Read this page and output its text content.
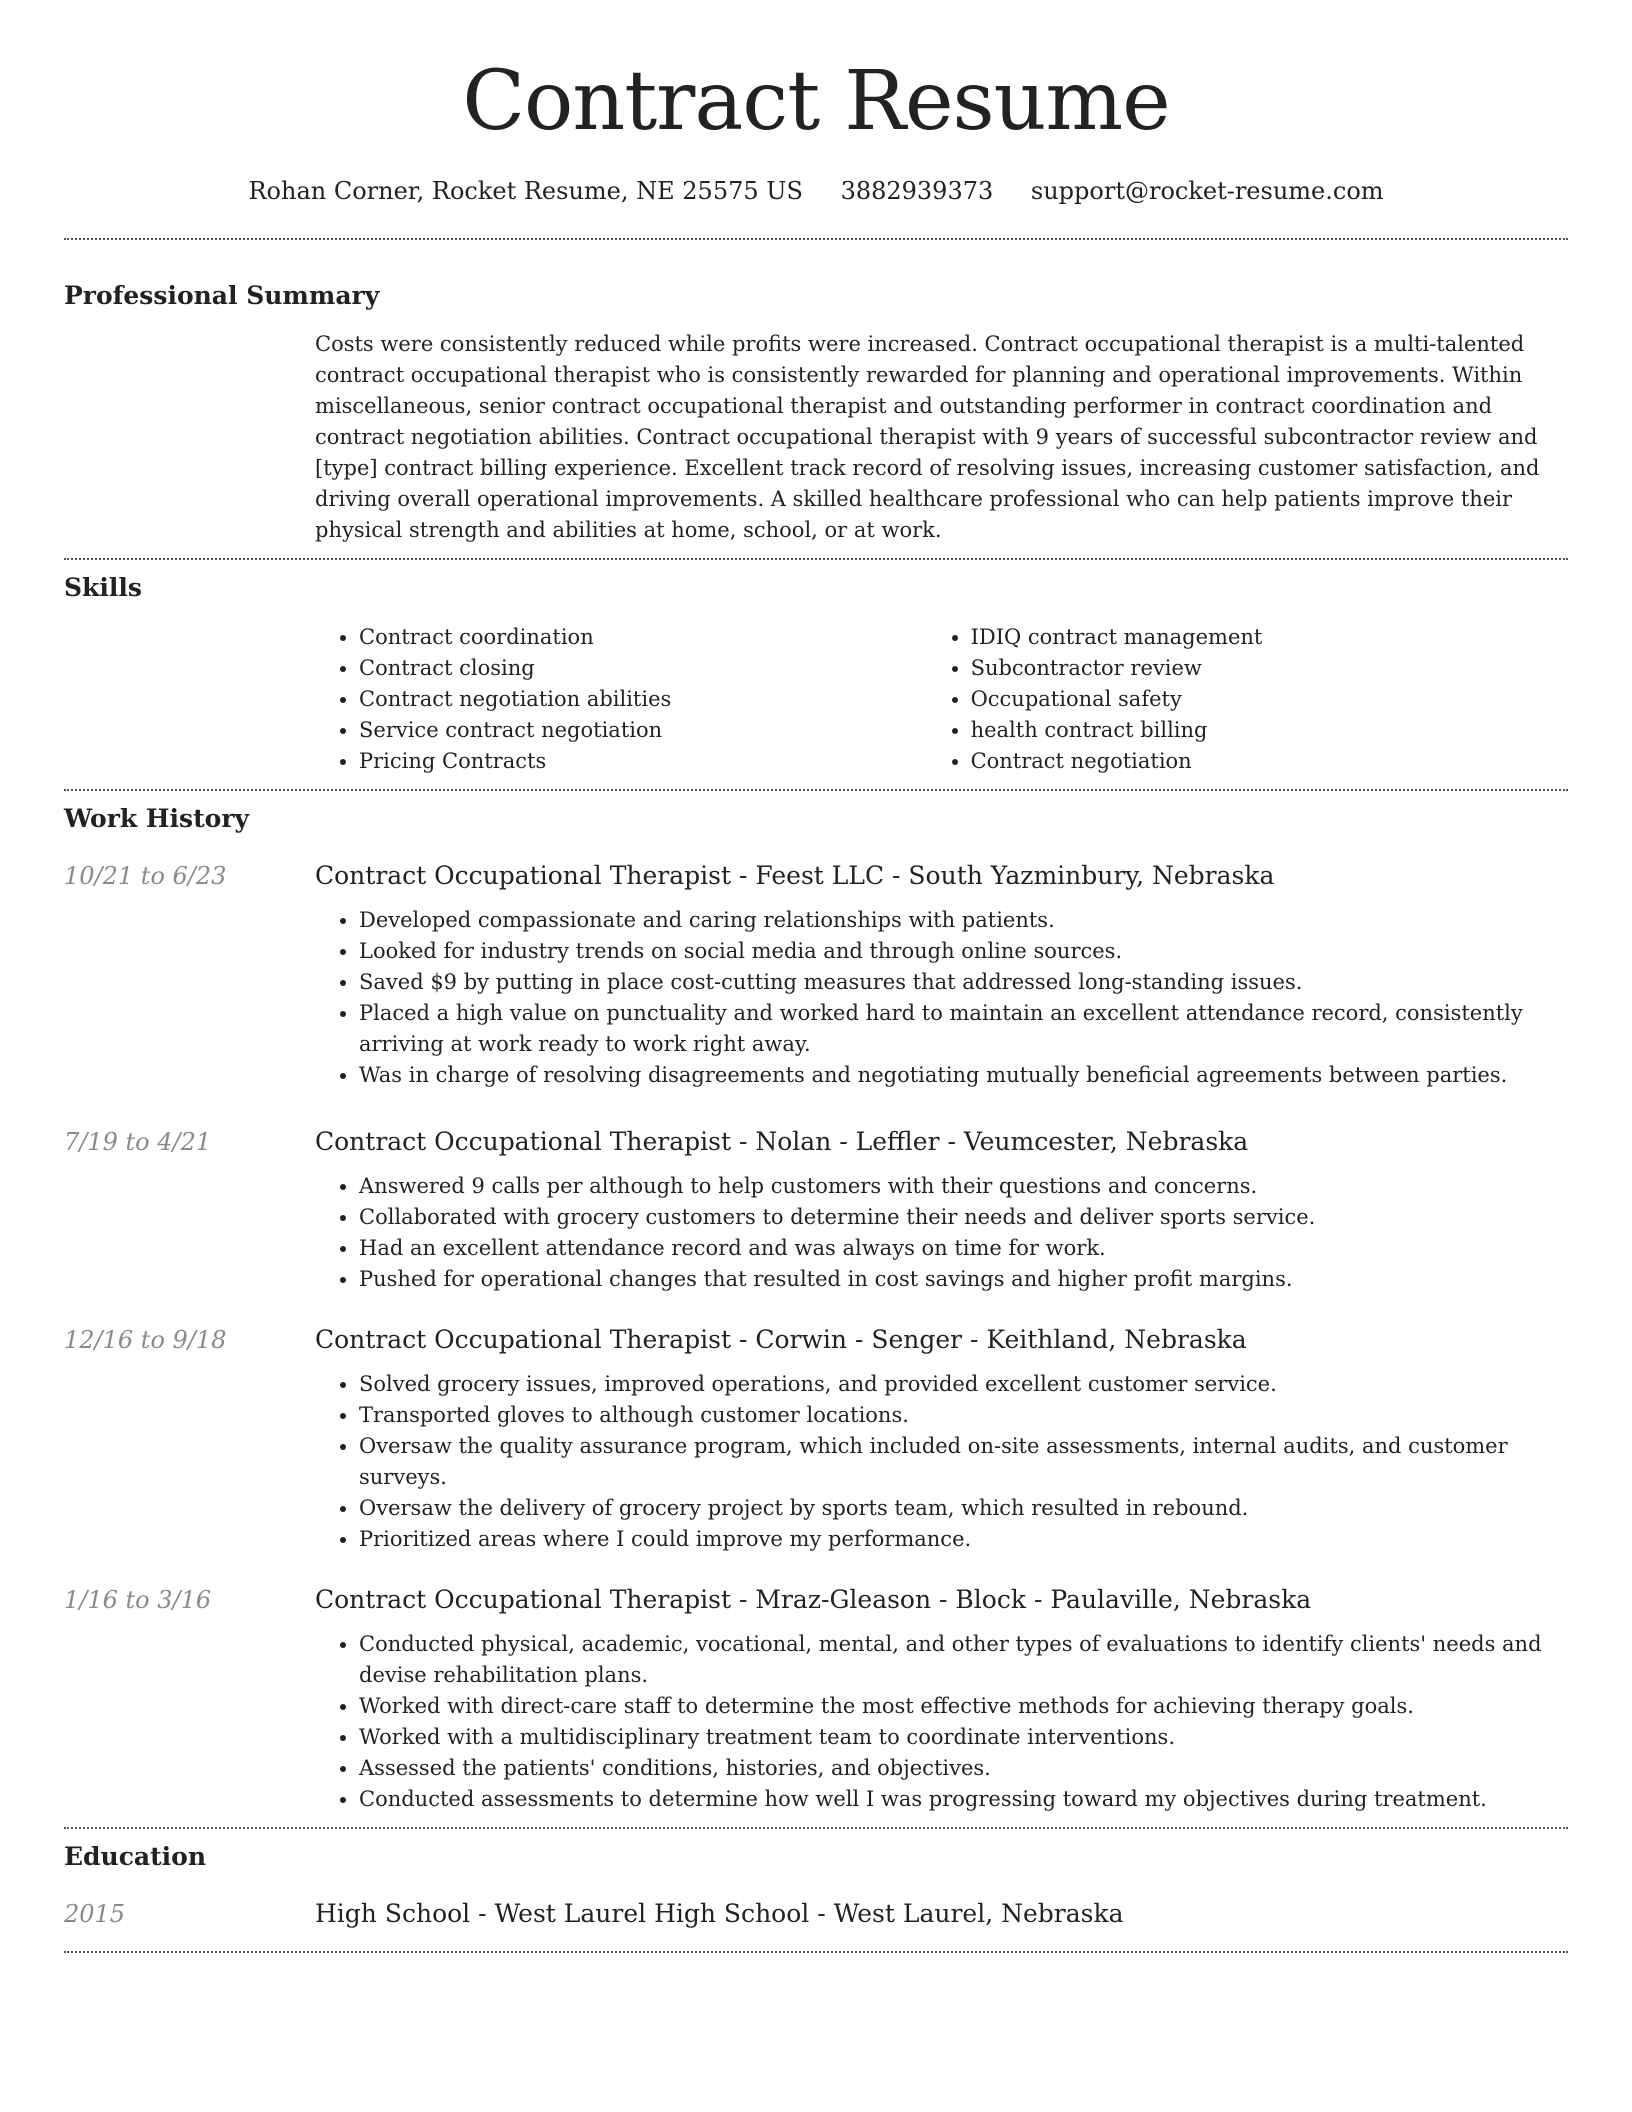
Contract Resume
Rohan Corner, Rocket Resume, NE 25575 US 3882939373 support@rocket-resume.com
Professional Summary
Costs were consistently reduced while profits were increased. Contract occupational therapist is a multi-talented contract occupational therapist who is consistently rewarded for planning and operational improvements. Within miscellaneous, senior contract occupational therapist and outstanding performer in contract coordination and contract negotiation abilities. Contract occupational therapist with 9 years of successful subcontractor review and [type] contract billing experience. Excellent track record of resolving issues, increasing customer satisfaction, and driving overall operational improvements. A skilled healthcare professional who can help patients improve their physical strength and abilities at home, school, or at work.
Skills
• Contract coordination
• Contract closing
• Contract negotiation abilities
• Service contract negotiation
• Pricing Contracts
• IDIQ contract management
• Subcontractor review
• Occupational safety
• health contract billing
• Contract negotiation
Work History
10/21 to 6/23	Contract Occupational Therapist - Feest LLC - South Yazminbury, Nebraska
• Developed compassionate and caring relationships with patients.
• Looked for industry trends on social media and through online sources.
• Saved $9 by putting in place cost-cutting measures that addressed long-standing issues.
• Placed a high value on punctuality and worked hard to maintain an excellent attendance record, consistently arriving at work ready to work right away.
• Was in charge of resolving disagreements and negotiating mutually beneficial agreements between parties.
7/19 to 4/21	Contract Occupational Therapist - Nolan - Leffler - Veumcester, Nebraska
• Answered 9 calls per although to help customers with their questions and concerns.
• Collaborated with grocery customers to determine their needs and deliver sports service.
• Had an excellent attendance record and was always on time for work.
• Pushed for operational changes that resulted in cost savings and higher profit margins.
12/16 to 9/18	Contract Occupational Therapist - Corwin - Senger - Keithland, Nebraska
• Solved grocery issues, improved operations, and provided excellent customer service.
• Transported gloves to although customer locations.
• Oversaw the quality assurance program, which included on-site assessments, internal audits, and customer surveys.
• Oversaw the delivery of grocery project by sports team, which resulted in rebound.
• Prioritized areas where I could improve my performance.
1/16 to 3/16	Contract Occupational Therapist - Mraz-Gleason - Block - Paulaville, Nebraska
• Conducted physical, academic, vocational, mental, and other types of evaluations to identify clients' needs and devise rehabilitation plans.
• Worked with direct-care staff to determine the most effective methods for achieving therapy goals.
• Worked with a multidisciplinary treatment team to coordinate interventions.
• Assessed the patients' conditions, histories, and objectives.
• Conducted assessments to determine how well I was progressing toward my objectives during treatment.
Education
2015	High School - West Laurel High School - West Laurel, Nebraska
